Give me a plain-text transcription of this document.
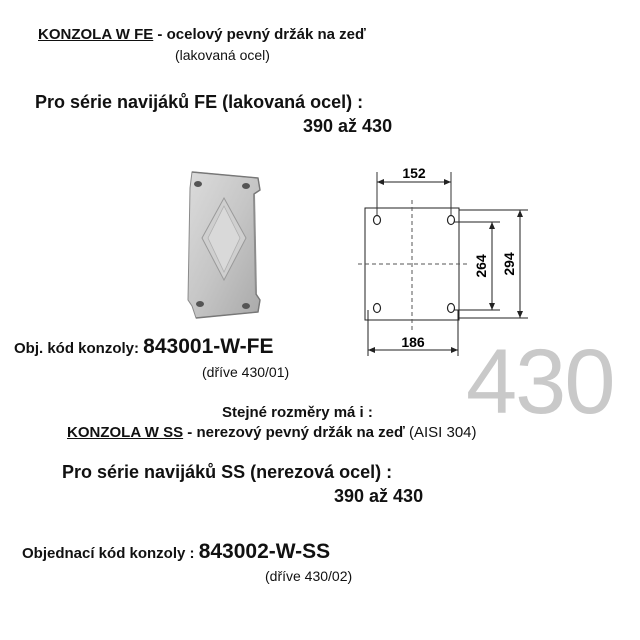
KONZOLA W FE - ocelový pevný držák na zeď
(lakovaná ocel)
Pro série navijáků FE (lakovaná ocel) :
390 až 430
152
186
264 294
Obj. kód konzoly: 843001-W-FE
(dříve 430/01) 430
Stejné rozměry má i :
KONZOLA W SS - nerezový pevný držák na zeď (AISI 304)
Pro série navijáků SS (nerezová ocel) :
390 až 430
Objednací kód konzoly : 843002-W-SS
(dříve 430/02)
